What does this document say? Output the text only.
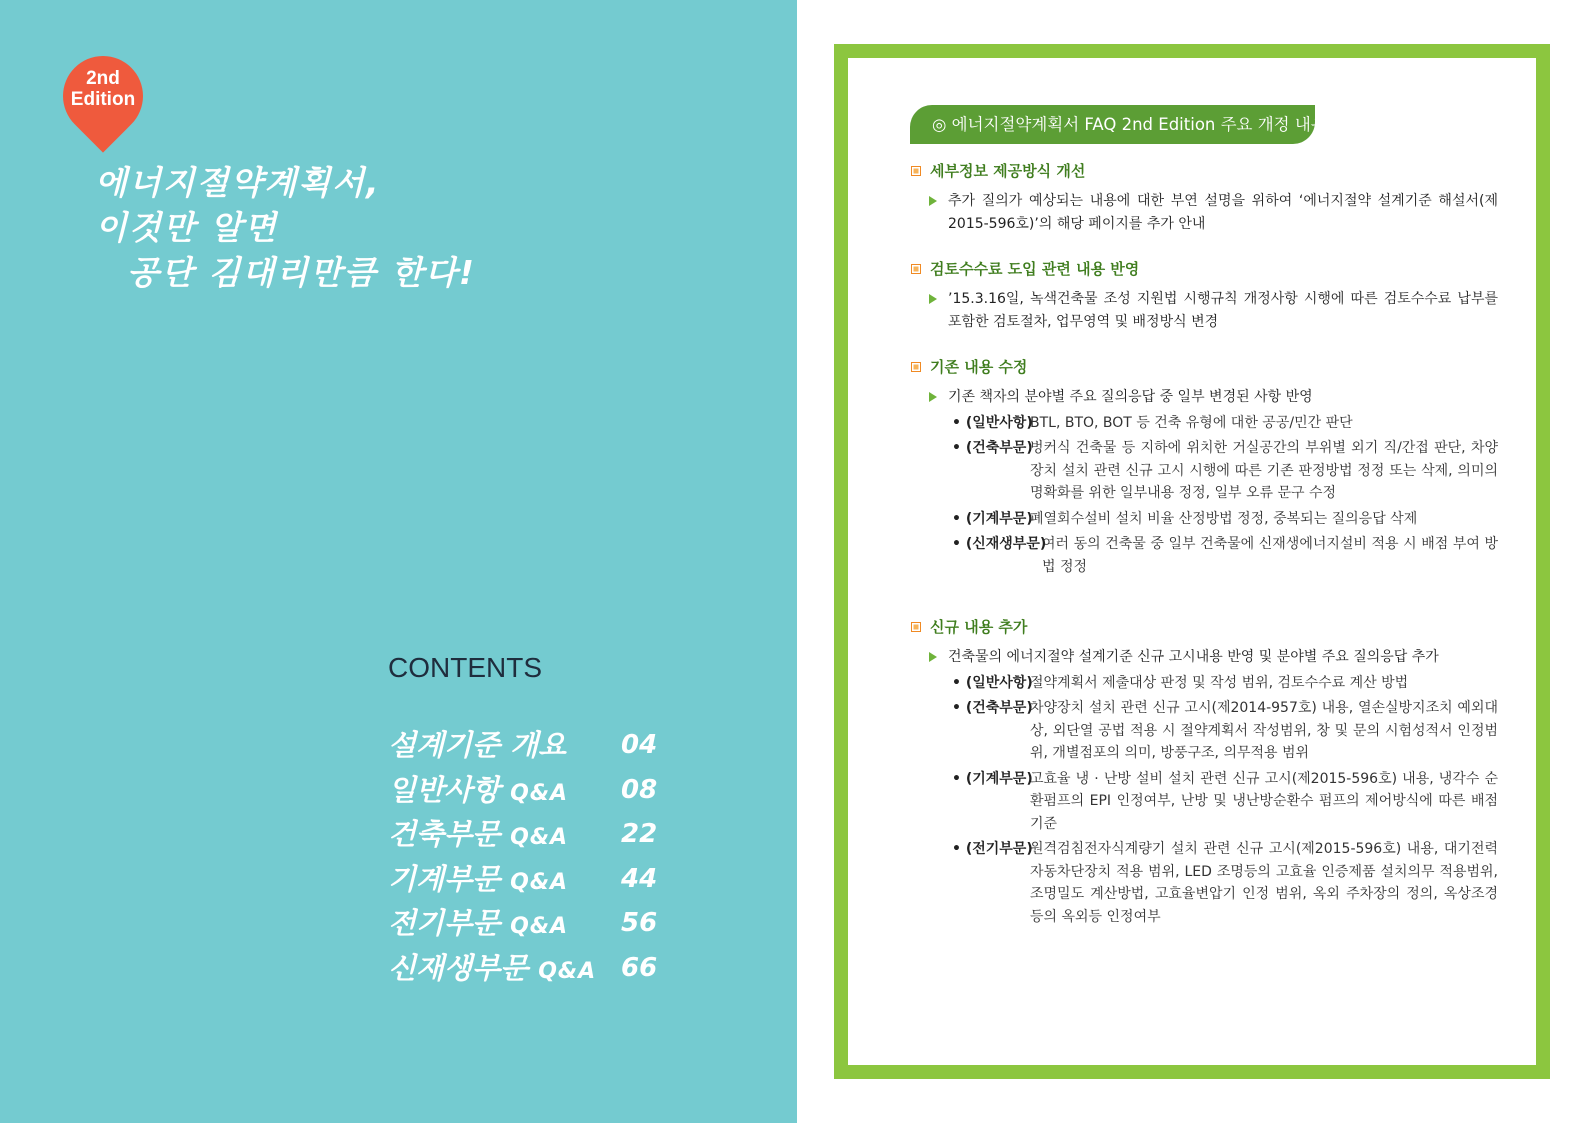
2nd
Edition
에너지절약계획서,
이것만 알면
공단 김대리만큼 한다!
CONTENTS
설계기준 개요 04
일반사항 Q&A 08
건축부문 Q&A 22
기계부문 Q&A 44
전기부문 Q&A 56
신재생부문 Q&A 66
◎ 에너지절약계획서 FAQ 2nd Edition 주요 개정 내용
세부정보 제공방식 개선
추가 질의가 예상되는 내용에 대한 부연 설명을 위하여 ‘에너지절약 설계기준 해설서(제2015-596호)’의 해당 페이지를 추가 안내
검토수수료 도입 관련 내용 반영
’15.3.16일, 녹색건축물 조성 지원법 시행규칙 개정사항 시행에 따른 검토수수료 납부를 포함한 검토절차, 업무영역 및 배정방식 변경
기존 내용 수정
기존 책자의 분야별 주요 질의응답 중 일부 변경된 사항 반영
• (일반사항)
BTL, BTO, BOT 등 건축 유형에 대한 공공/민간 판단
• (건축부문)
벙커식 건축물 등 지하에 위치한 거실공간의 부위별 외기 직/간접 판단, 차양장치 설치 관련 신규 고시 시행에 따른 기존 판정방법 정정 또는 삭제, 의미의 명확화를 위한 일부내용 정정, 일부 오류 문구 수정
• (기계부문)
폐열회수설비 설치 비율 산정방법 정정, 중복되는 질의응답 삭제
• (신재생부문)
여러 동의 건축물 중 일부 건축물에 신재생에너지설비 적용 시 배점 부여 방법 정정
신규 내용 추가
건축물의 에너지절약 설계기준 신규 고시내용 반영 및 분야별 주요 질의응답 추가
• (일반사항)
절약계획서 제출대상 판정 및 작성 범위, 검토수수료 계산 방법
• (건축부문)
차양장치 설치 관련 신규 고시(제2014-957호) 내용, 열손실방지조치 예외대상, 외단열 공법 적용 시 절약계획서 작성범위, 창 및 문의 시험성적서 인정범위, 개별점포의 의미, 방풍구조, 의무적용 범위
• (기계부문)
고효율 냉 · 난방 설비 설치 관련 신규 고시(제2015-596호) 내용, 냉각수 순환펌프의 EPI 인정여부, 난방 및 냉난방순환수 펌프의 제어방식에 따른 배점기준
• (전기부문)
원격검침전자식계량기 설치 관련 신규 고시(제2015-596호) 내용, 대기전력자동차단장치 적용 범위, LED 조명등의 고효율 인증제품 설치의무 적용범위, 조명밀도 계산방법, 고효율변압기 인정 범위, 옥외 주차장의 정의, 옥상조경등의 옥외등 인정여부
